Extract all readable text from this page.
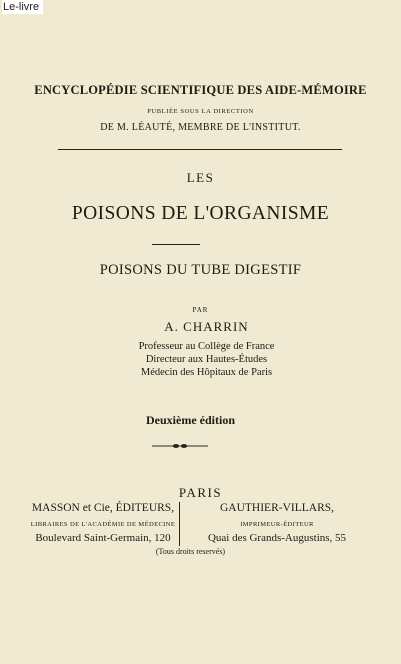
Le-livre
ENCYCLOPÉDIE SCIENTIFIQUE DES AIDE-MÉMOIRE
PUBLIÉE SOUS LA DIRECTION
DE M. LÉAUTÉ, MEMBRE DE L'INSTITUT.
LES
POISONS DE L'ORGANISME
POISONS DU TUBE DIGESTIF
PAR
A. CHARRIN
Professeur au Collège de France
Directeur aux Hautes-Études
Médecin des Hôpitaux de Paris
Deuxième édition
PARIS
MASSON et Cie, ÉDITEURS,
LIBRAIRES DE L'ACADÉMIE DE MÉDECINE
Boulevard Saint-Germain, 120
GAUTHIER-VILLARS,
IMPRIMEUR-ÉDITEUR
Quai des Grands-Augustins, 55
(Tous droits reservés)
